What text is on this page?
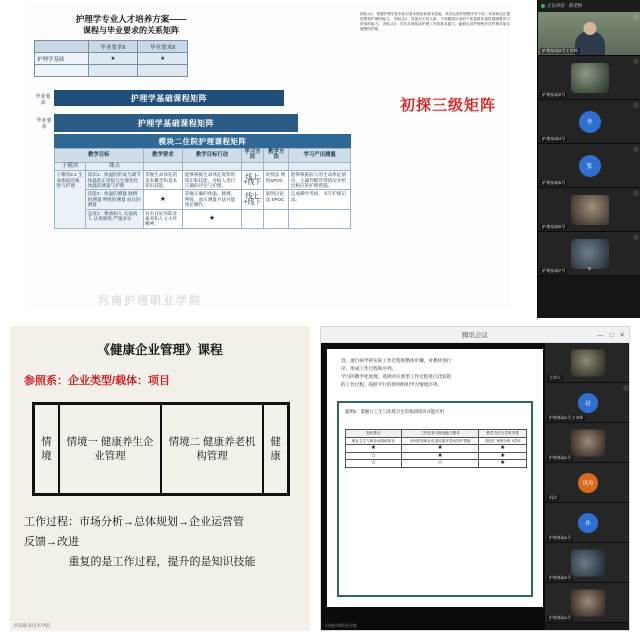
护理学专业人才培养方案——
课程与毕业要求的关系矩阵
	毕业要求6	毕业要求8
护理学基础	★	★

护理学基础课程矩阵
毕业要求
护理学基础课程矩阵
毕业要求
模块二住院护理课程矩阵
教学目标		教学要求	教学目标行动	学习方法	教学方法	学习产出测量
子模块	课点					
子模块2.1 生命体征的观察与护理	知识1：体温的形成与调节 体温的正常值与生理变化 体温的测量与护理	掌握生命体征的基本概念和基本知识技能。	能够根据生命体征观察的知识和技能，对病人进行正确的评估与护理。	线上+线下	讲授法 网络SPOC	能够根据病人的生命体征情况，正确判断异常情况并给出相应的护理措施。
	技能1：体温的测量 脉搏的测量 呼吸的测量 血压的测量	★	掌握正确的体温、脉搏、呼吸、血压测量方法并能规范操作。	线上+线下	案例讨论法 SPOC	完成操作考核，书写护理记录。
	态度1：尊重病人 关爱病人 认真细致 严谨求实	具有良好的职业素养和人文关怀精神。	★			
指标点1：掌握护理学基本知识基本理论和基本技能，具有运用护理程序对个体、家庭和社区提供整体护理的能力。 指标点2：具备为不同人群、不同健康状况的个体和群体提供健康教育与咨询的能力。 指标点3：具有从事临床护理工作的基本能力，能够运用护理程序对护理对象实施整体护理。
初探三级矩阵
河南护理职业学院
正在讲话：薛老师
护理基础3号主讲师
护理基础2号
李
护理基础4号
张
护理基础5号
护理基础6号
护理基础7号	▾
《健康企业管理》课程
参照系：企业类型/载体：项目
情境	情境一 健康养生企业管理	情境二 健康养老机构管理	健康
工作过程：市场分析→总体规划→企业运营管
反馈→改进
重复的是工作过程，提升的是知识技能
河南职业技术学院
腾讯会议	— □ ✕
容、流行病学的实际工作过程和整体步骤，对教材进行
序，形成工作过程和序列。
学习的教学化处理，选择对应典型工作过程进行比较的
的工作过程，按照平行的原则组织学习情境序列。
案例2：掌握口工生与环境卫生的基础知识并能应用
知识要点	工作任务与职业能力要求	教学方法与学时安排
职业卫生与职业病基础知识	识别常见职业危害因素并提出防护措施	讲授法 案例分析 4学时
★	★	★
☆	★	★
☆	☆	★
主讲人
赵
护理基础3号主讲师
护理基础2号
巩玲
巩玲
孙
护理基础6号
护理基础5号
护理基础4号
河南护理职业学院
